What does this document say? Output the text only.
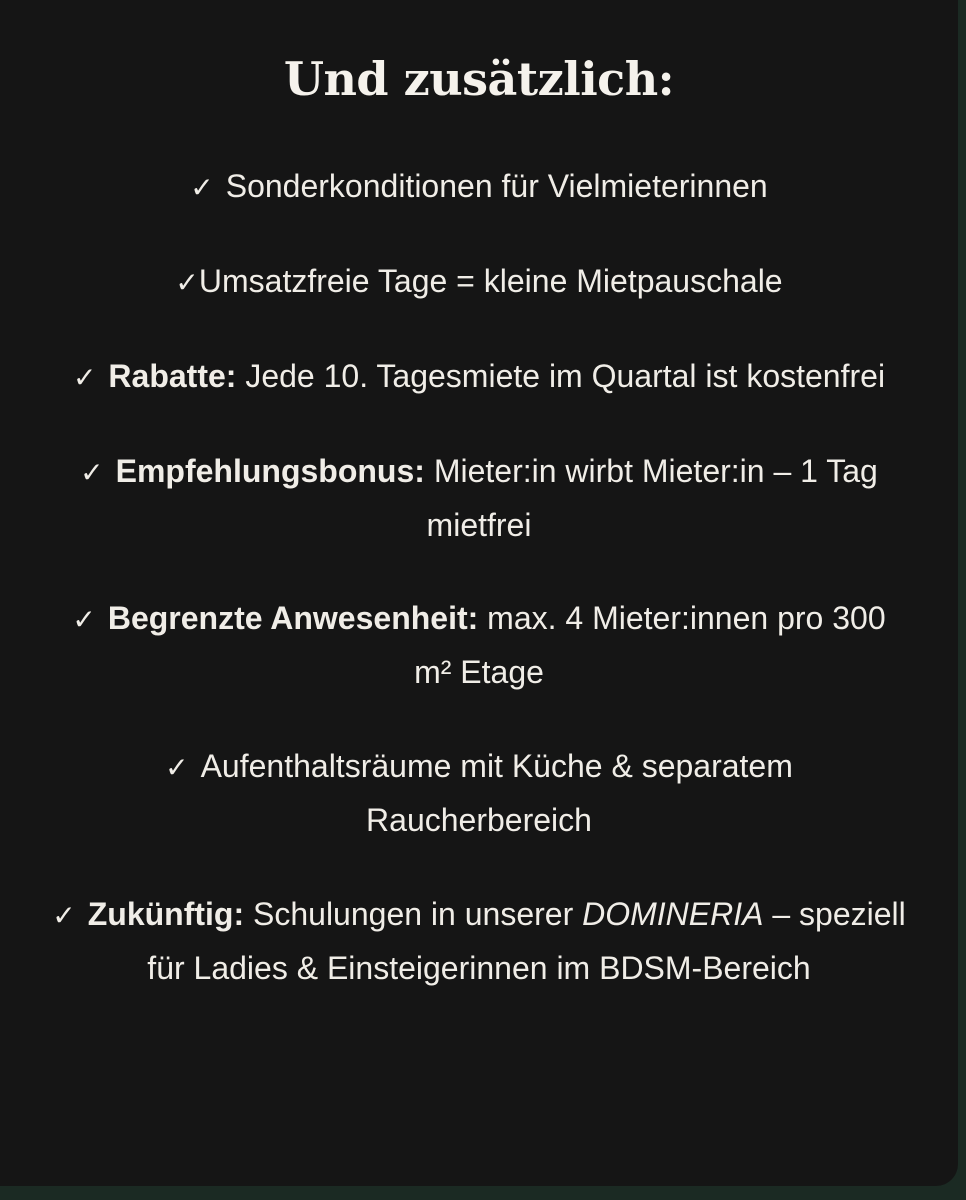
Und zusätzlich:
✓ Sonderkonditionen für Vielmieterinnen
✓Umsatzfreie Tage = kleine Mietpauschale
✓ Rabatte: Jede 10. Tagesmiete im Quartal ist kostenfrei
✓ Empfehlungsbonus: Mieter:in wirbt Mieter:in – 1 Tag mietfrei
✓ Begrenzte Anwesenheit: max. 4 Mieter:innen pro 300 m² Etage
✓ Aufenthaltsräume mit Küche & separatem Raucherbereich
✓ Zukünftig: Schulungen in unserer DOMINERIA – speziell für Ladies & Einsteigerinnen im BDSM-Bereich
